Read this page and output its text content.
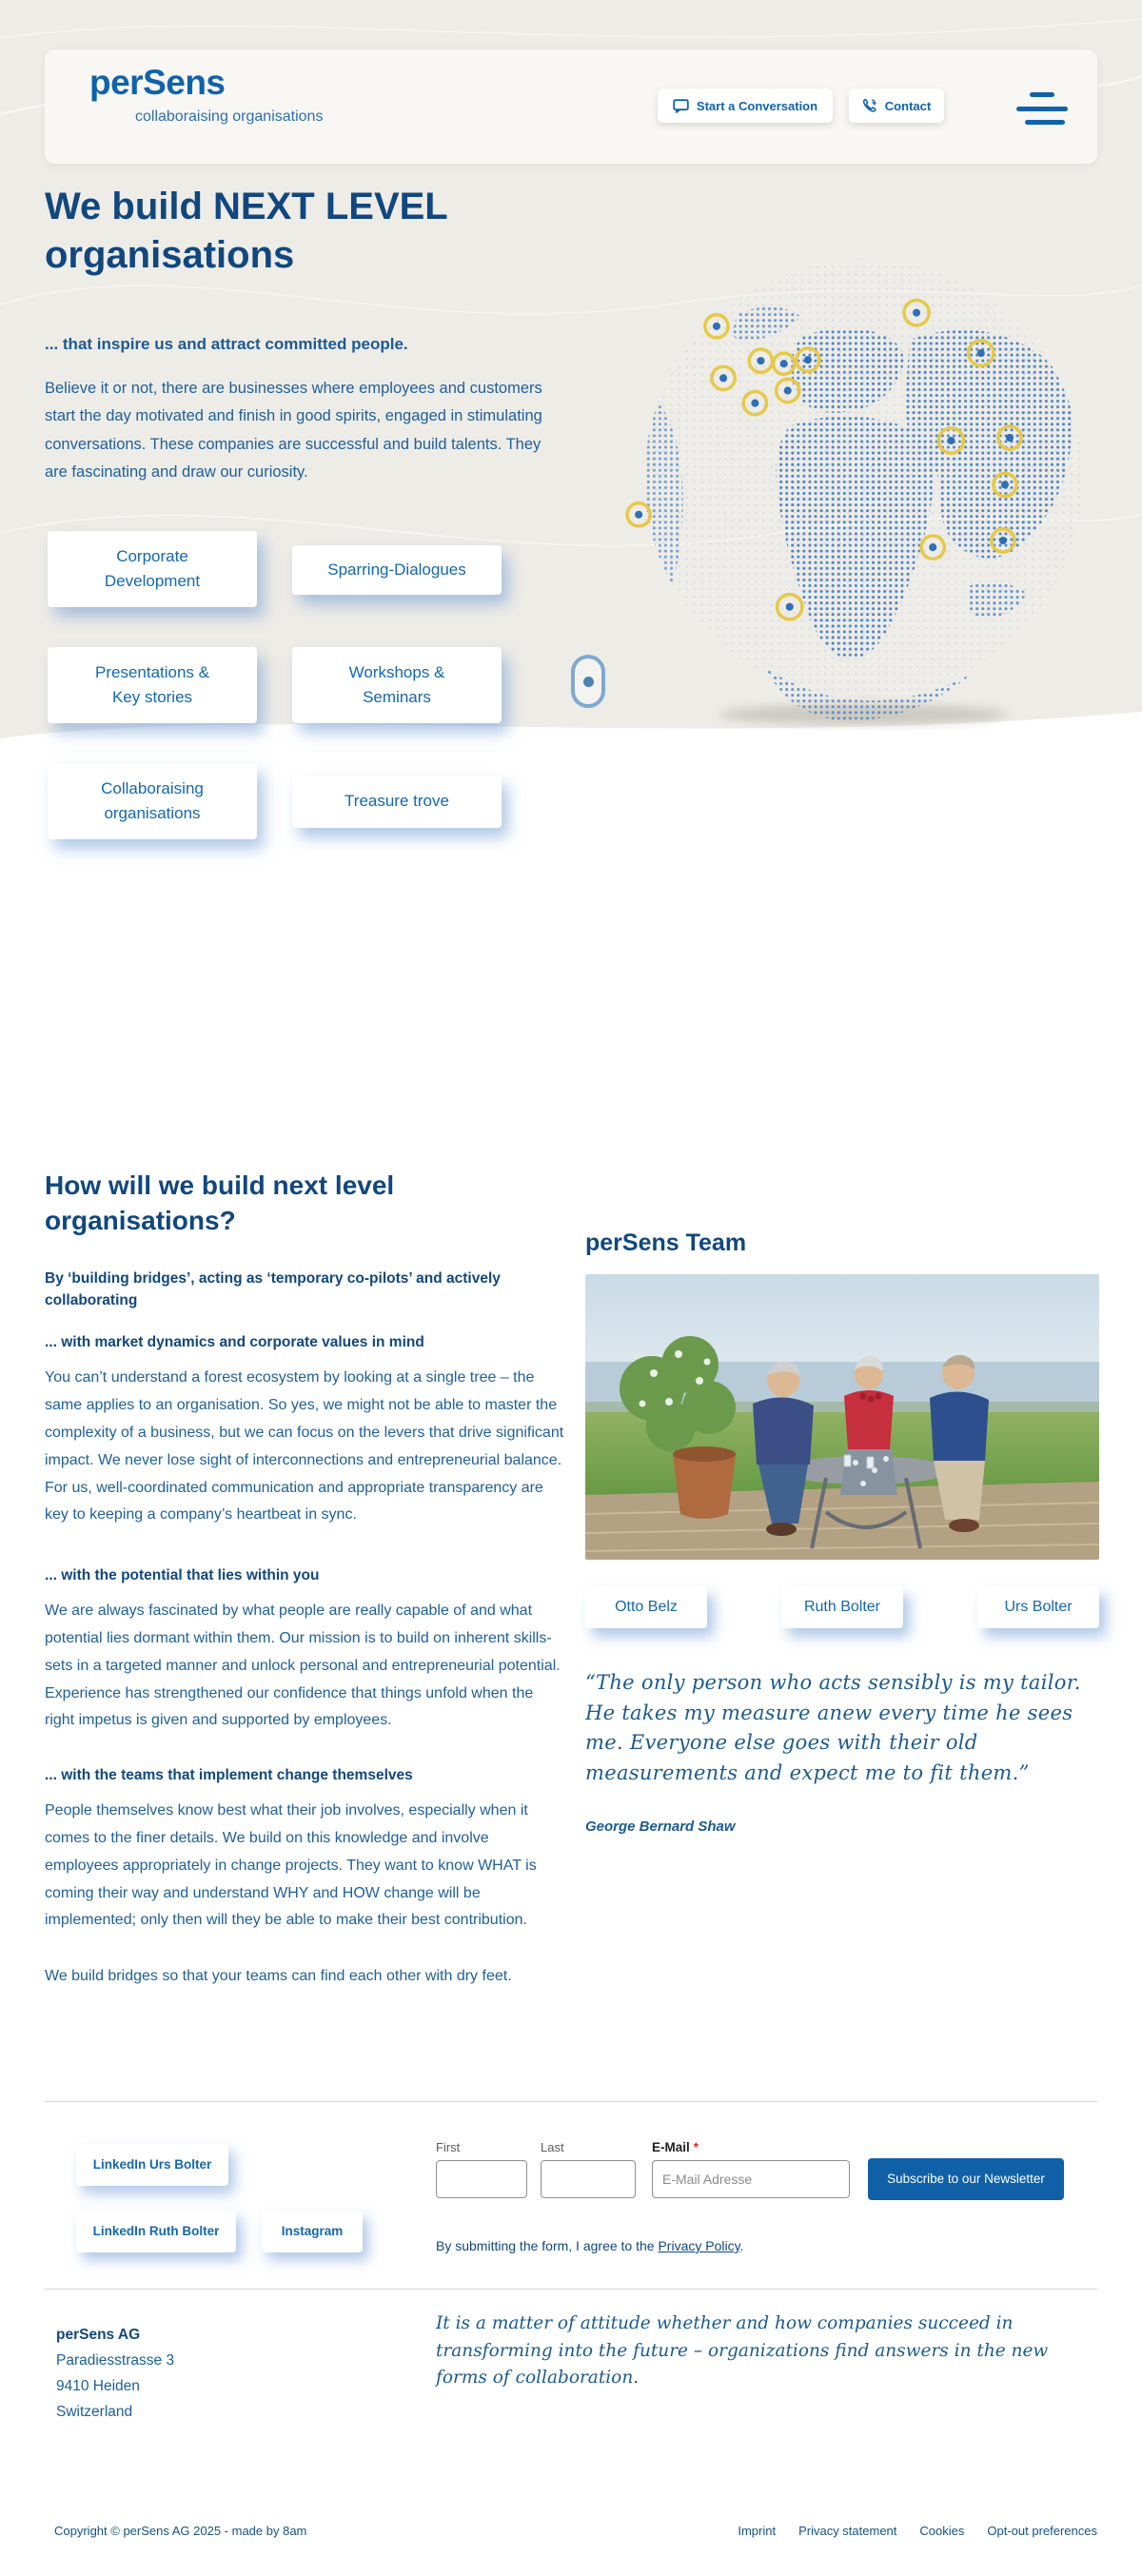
perSens
collaboraising organisations
Start a Conversation	Contact
We build NEXT LEVEL organisations
... that inspire us and attract committed people.

Believe it or not, there are businesses where employees and customers start the day motivated and finish in good spirits, engaged in stimulating conversations. These companies are successful and build talents. They are fascinating and draw our curiosity.

Corporate Development
Sparring-Dialogues
Presentations & Key stories
Workshops & Seminars
Collaboraising organisations
Treasure trove
How will we build next level organisations?
By ‘building bridges’, acting as ‘temporary co-pilots’ and actively collaborating
... with market dynamics and corporate values in mind

You can’t understand a forest ecosystem by looking at a single tree – the same applies to an organisation. So yes, we might not be able to master the complexity of a business, but we can focus on the levers that drive significant impact. We never lose sight of interconnections and entrepreneurial balance. For us, well-coordinated communication and appropriate transparency are key to keeping a company’s heartbeat in sync.

... with the potential that lies within you

We are always fascinated by what people are really capable of and what potential lies dormant within them. Our mission is to build on inherent skills-sets in a targeted manner and unlock personal and entrepreneurial potential. Experience has strengthened our confidence that things unfold when the right impetus is given and supported by employees.

... with the teams that implement change themselves

People themselves know best what their job involves, especially when it comes to the finer details. We build on this knowledge and involve employees appropriately in change projects. They want to know WHAT is coming their way and understand WHY and HOW change will be implemented; only then will they be able to make their best contribution.

We build bridges so that your teams can find each other with dry feet.

perSens Team
Otto Belz	Ruth Bolter	Urs Bolter
“The only person who acts sensibly is my tailor. He takes my measure anew every time he sees me. Everyone else goes with their old measurements and expect me to fit them.”
George Bernard Shaw
LinkedIn Urs Bolter
LinkedIn Ruth Bolter	Instagram
First	Last	E-Mail *
E-Mail Adresse
Subscribe to our Newsletter
By submitting the form, I agree to the Privacy Policy.
perSens AG
Paradiesstrasse 3
9410 Heiden
Switzerland
It is a matter of attitude whether and how companies succeed in transforming into the future – organizations find answers in the new forms of collaboration.
Copyright © perSens AG 2025 - made by 8am	Imprint Privacy statement Cookies Opt-out preferences
